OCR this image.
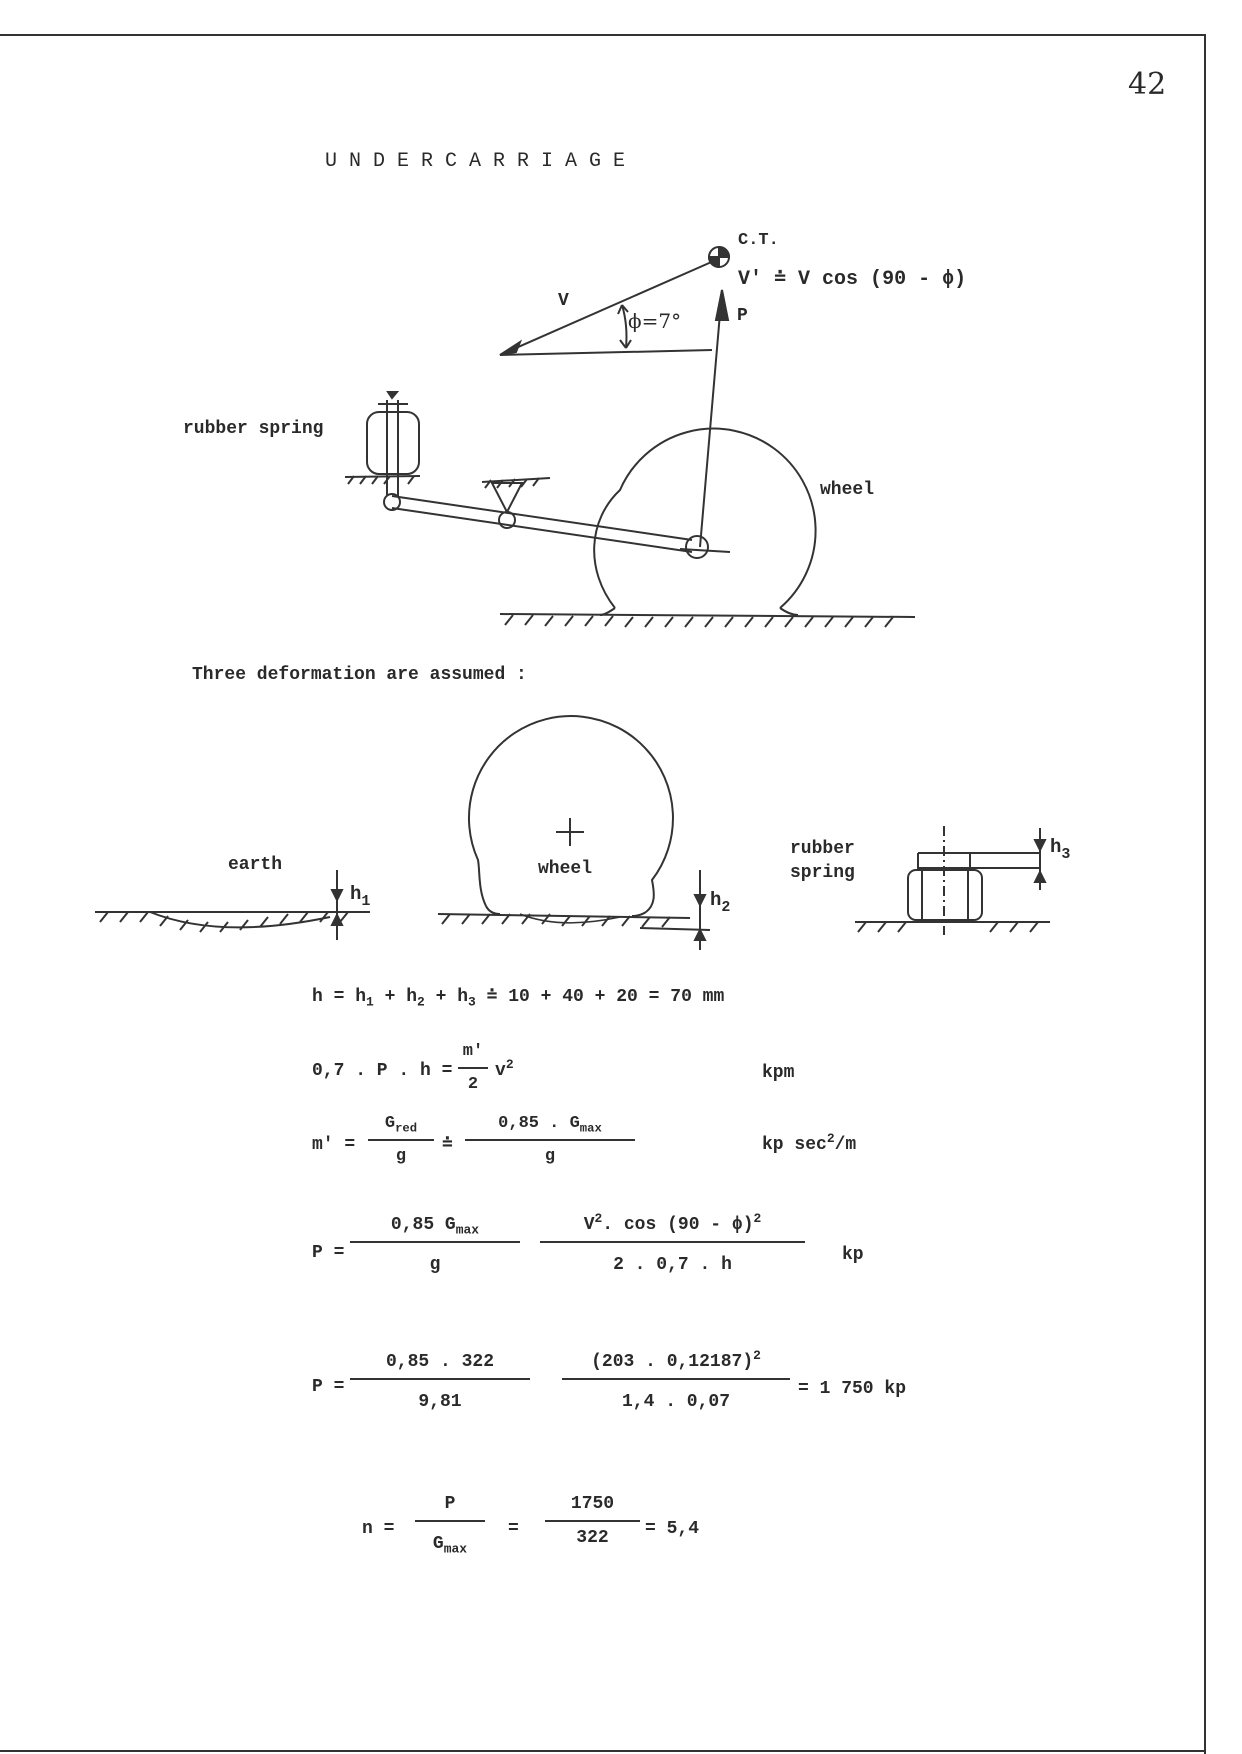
42
U N D E R C A R R I A G E
C.T.
V' ≐ V cos (90 - ϕ)
V
ϕ=7°	P
rubber spring
wheel
Three deformation are assumed :
earth
$h_1$
wheel
$h_2$
rubber
spring
$h_3$
$h = h_1 + h_2 + h_3$ ≐ 10 + 40 + 20 = 70 mm
0,7 . P . h =
m'
2
$v^2$	kpm
m' =
$G_{red}$
g
≐
0,85 . $G_{max}$
g
kp $\sec^2/m$
P =
0,85 $G_{max}$
g
$V^2$. cos (90 - ϕ)$^2$
2 . 0,7 . h	kp
P =
0,85 . 322
9,81
(203 . 0,12187)$^2$
1,4 . 0,07
= 1 750 kp
n =
P
$G_{max}$
=
1750
322	= 5,4
